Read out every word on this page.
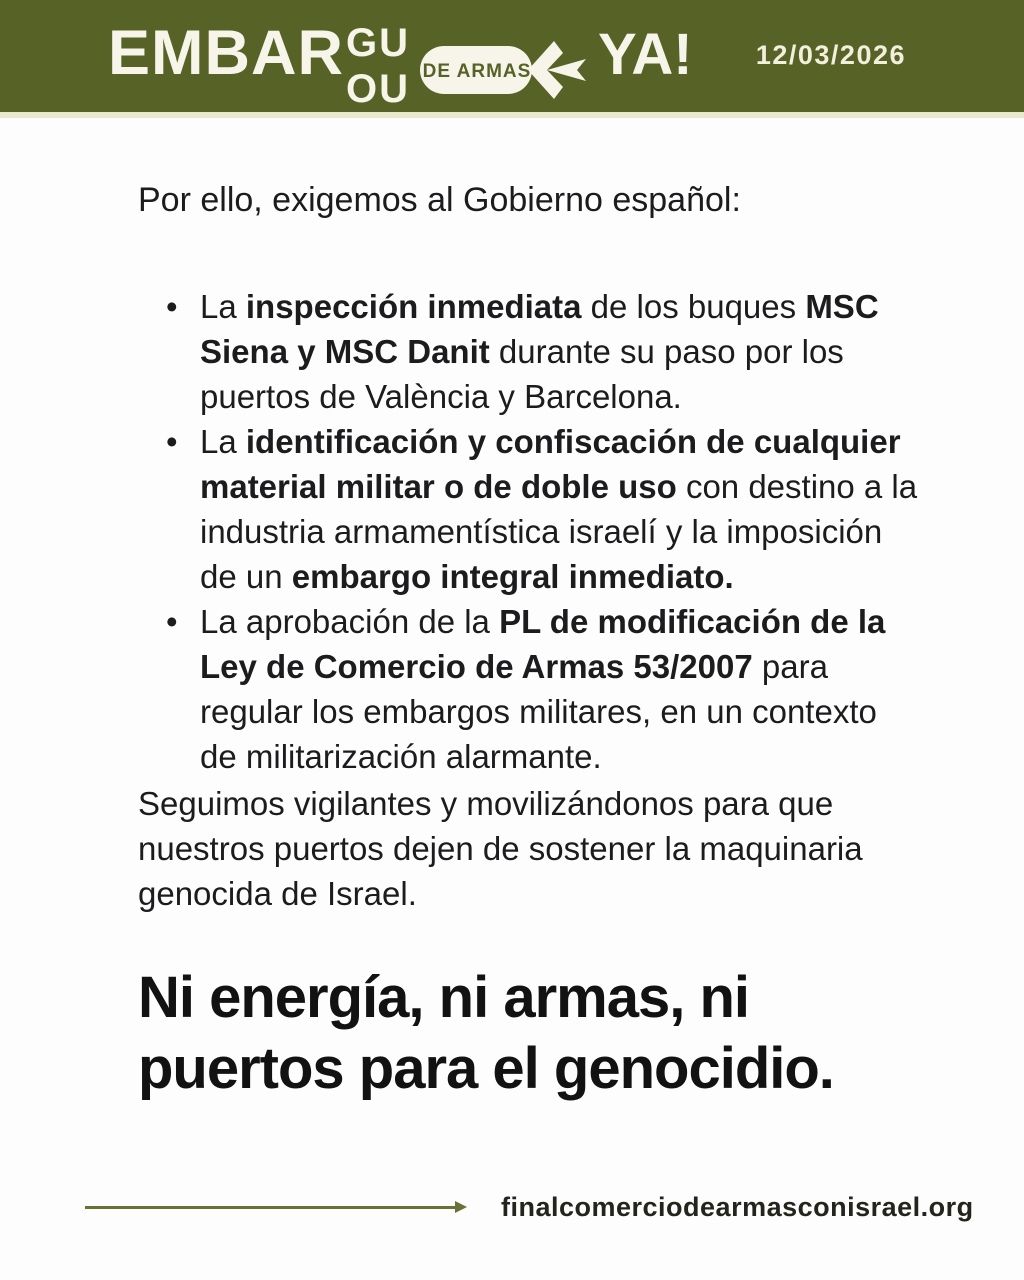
EMBAR G
O
U
U DE ARMAS YA! 12/03/2026

Por ello, exigemos al Gobierno español:

• La inspección inmediata de los buques MSC Siena y MSC Danit durante su paso por los puertos de València y Barcelona.
• La identificación y confiscación de cualquier material militar o de doble uso con destino a la industria armamentística israelí y la imposición de un embargo integral inmediato.
• La aprobación de la PL de modificación de la Ley de Comercio de Armas 53/2007 para regular los embargos militares, en un contexto de militarización alarmante.

Seguimos vigilantes y movilizándonos para que nuestros puertos dejen de sostener la maquinaria genocida de Israel.

Ni energía, ni armas, ni puertos para el genocidio.
finalcomerciodearmasconisrael.org
